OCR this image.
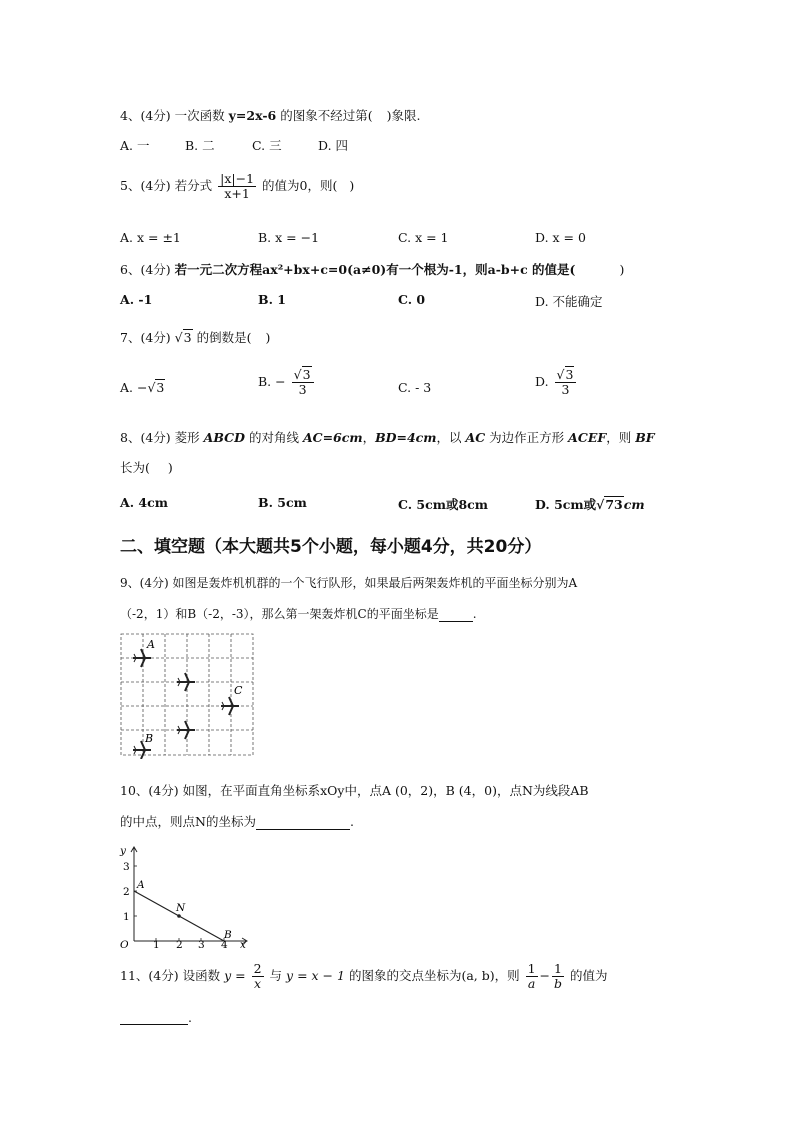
4、(4分) 一次函数 y=2x-6 的图象不经过第( )象限.
A. 一	B. 二	C. 三	D. 四
5、(4分) 若分式 $\frac{|x|-1}{x+1}$ 的值为0，则( )
A. x = ±1	B. x = −1	C. x = 1	D. x = 0
6、(4分) 若一元二次方程ax²+bx+c=0(a≠0)有一个根为-1，则a-b+c 的值是(	)
A. -1	B. 1	C. 0	D. 不能确定
7、(4分) √3 的倒数是( )
A. −√3	B. − $\frac{√3}{3}$	C. - 3	D. $\frac{√3}{3}$
8、(4分) 菱形 ABCD 的对角线 AC=6cm，BD=4cm，以 AC 为边作正方形 ACEF，则 BF
长为( )
A. 4cm	B. 5cm	C. 5cm或8cm	D. 5cm或√73cm
二、填空题（本大题共5个小题，每小题4分，共20分）
9、(4分) 如图是轰炸机机群的一个飞行队形，如果最后两架轰炸机的平面坐标分别为A
（-2，1）和B（-2，-3），那么第一架轰炸机C的平面坐标是	.
A
B
C
10、(4分) 如图，在平面直角坐标系xOy中，点A (0，2)，B (4，0)，点N为线段AB
的中点，则点N的坐标为	.
y
x
O 1 2 3 4
1
2
3
A
B
N
11、(4分) 设函数 $y = \frac{2}{x}$ 与 y = x − 1 的图象的交点坐标为(a, b)，则 $\frac{1}{a} - \frac{1}{b}$ 的值为
.
